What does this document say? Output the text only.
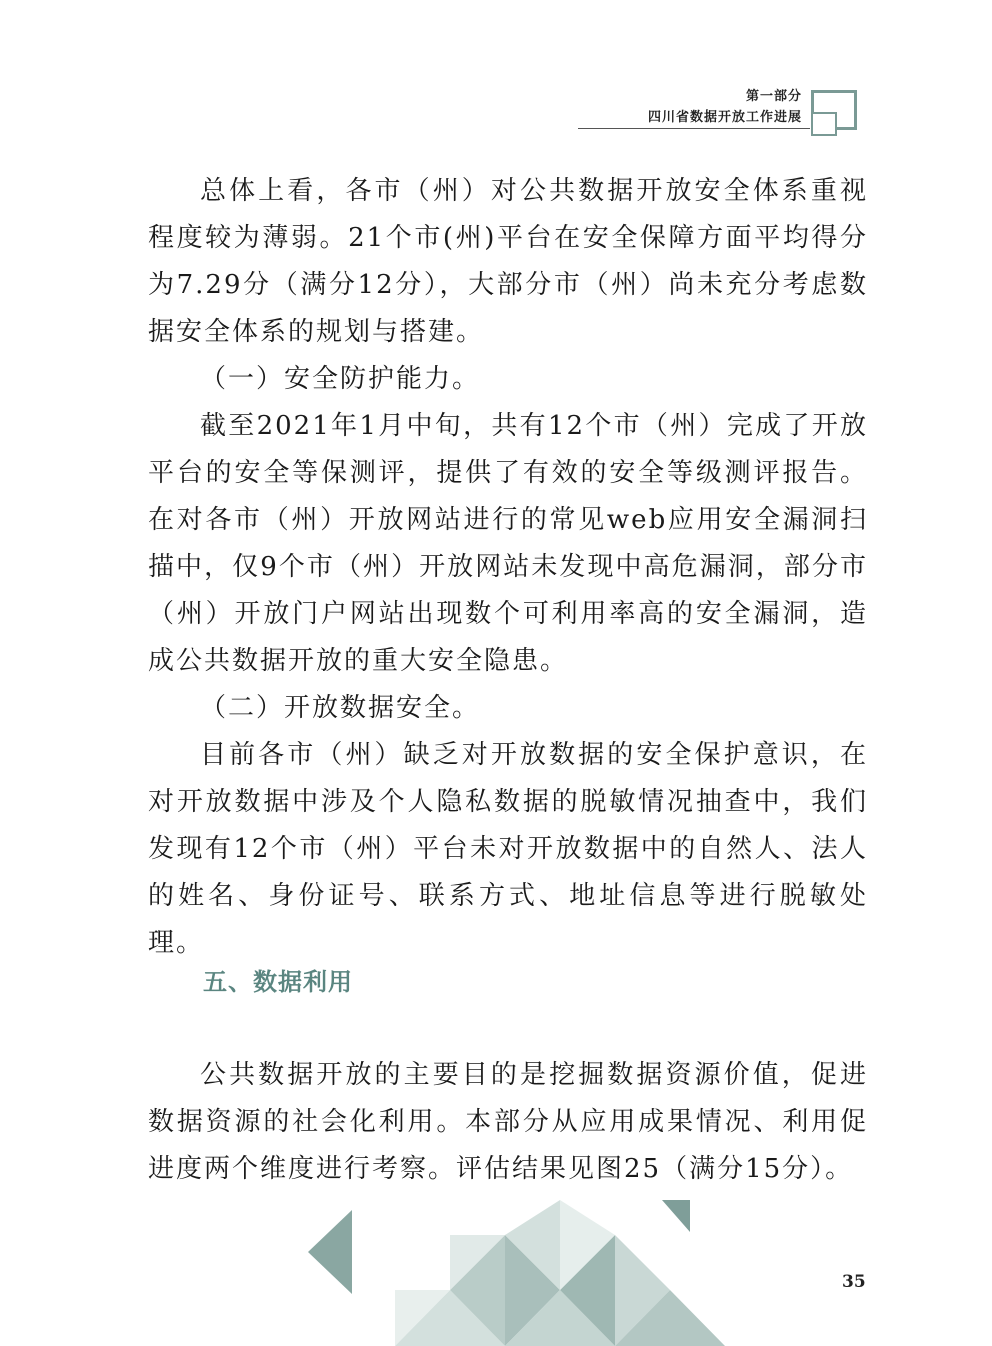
第一部分
四川省数据开放工作进展

总体上看，各市（州）对公共数据开放安全体系重视程度较为薄弱。21个市(州)平台在安全保障方面平均得分为7.29分（满分12分），大部分市（州）尚未充分考虑数据安全体系的规划与搭建。

（一）安全防护能力。

截至2021年1月中旬，共有12个市（州）完成了开放平台的安全等保测评，提供了有效的安全等级测评报告。在对各市（州）开放网站进行的常见web应用安全漏洞扫描中，仅9个市（州）开放网站未发现中高危漏洞，部分市（州）开放门户网站出现数个可利用率高的安全漏洞，造成公共数据开放的重大安全隐患。

（二）开放数据安全。

目前各市（州）缺乏对开放数据的安全保护意识，在对开放数据中涉及个人隐私数据的脱敏情况抽查中，我们发现有12个市（州）平台未对开放数据中的自然人、法人的姓名、身份证号、联系方式、地址信息等进行脱敏处理。

五、数据利用

公共数据开放的主要目的是挖掘数据资源价值，促进数据资源的社会化利用。本部分从应用成果情况、利用促进度两个维度进行考察。评估结果见图25（满分15分）。

35
